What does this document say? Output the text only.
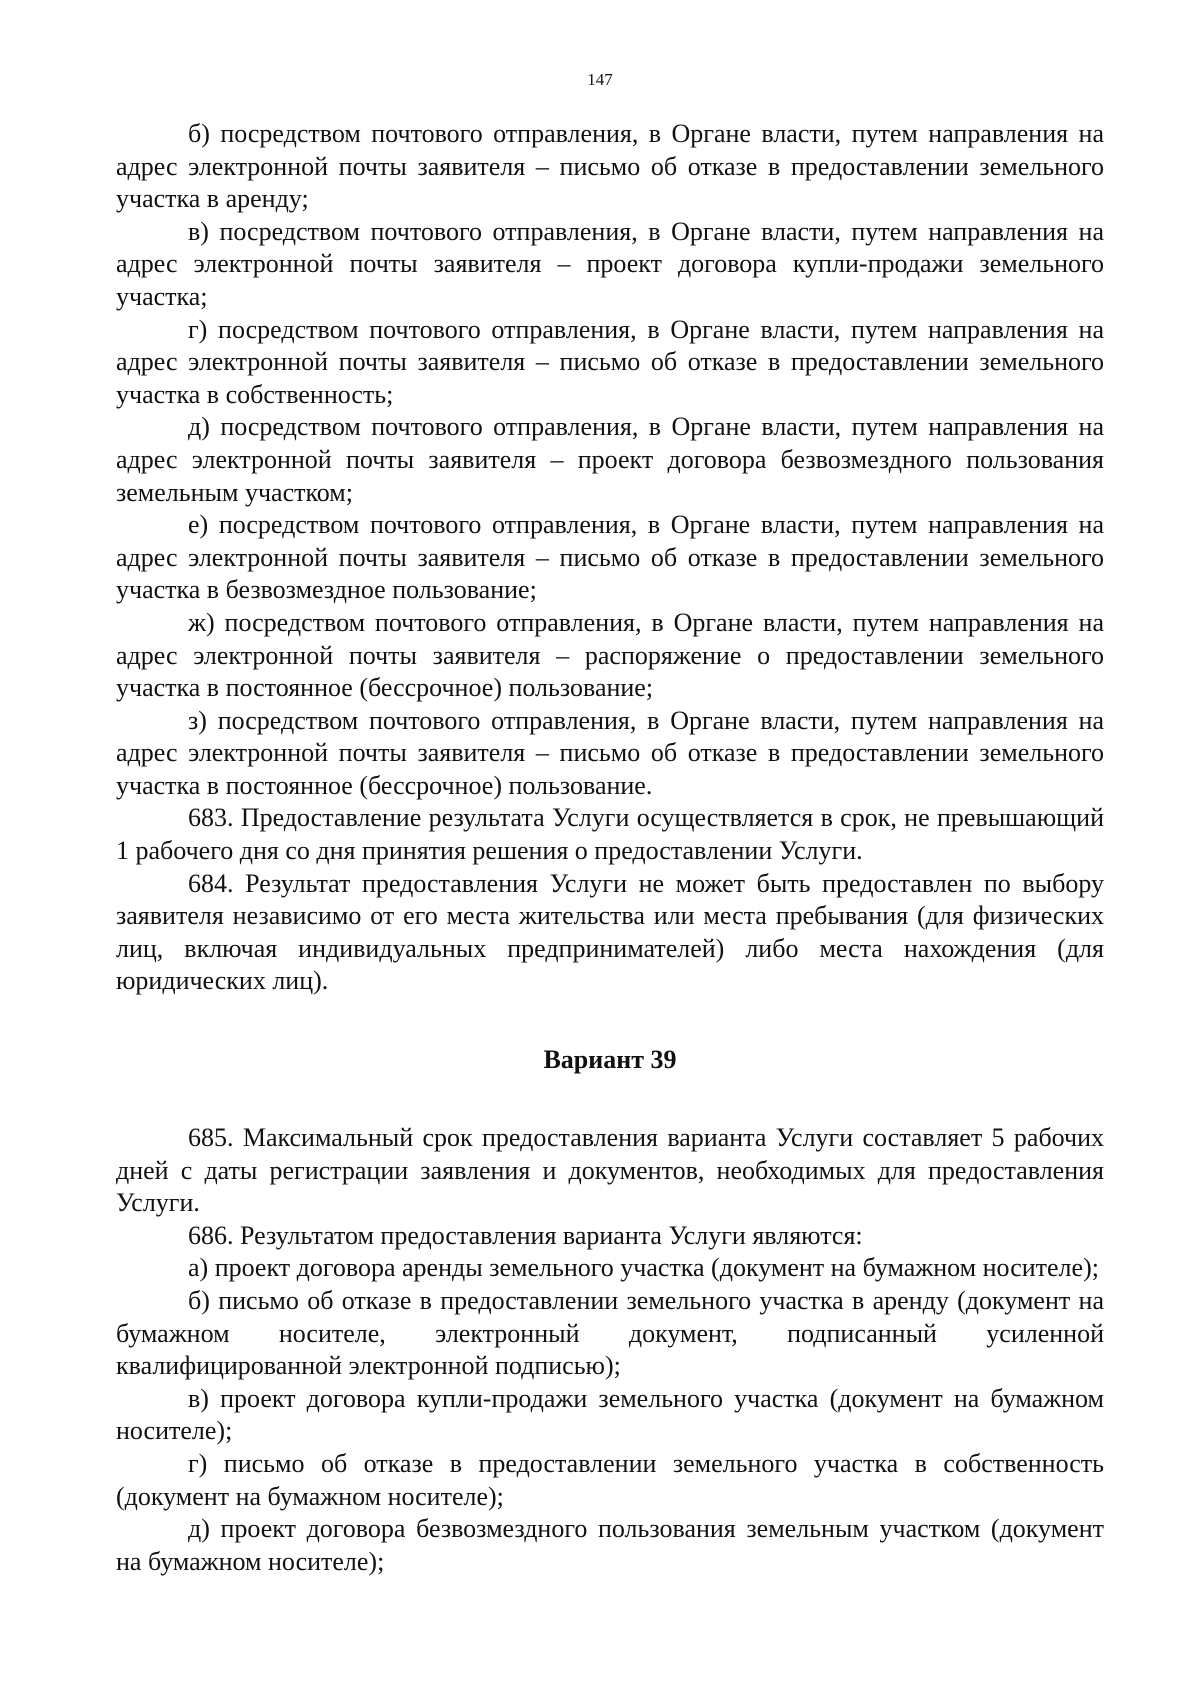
147

б) посредством почтового отправления, в Органе власти, путем направления на адрес электронной почты заявителя – письмо об отказе в предоставлении земельного участка в аренду;

в) посредством почтового отправления, в Органе власти, путем направления на адрес электронной почты заявителя – проект договора купли-продажи земельного участка;

г) посредством почтового отправления, в Органе власти, путем направления на адрес электронной почты заявителя – письмо об отказе в предоставлении земельного участка в собственность;

д) посредством почтового отправления, в Органе власти, путем направления на адрес электронной почты заявителя – проект договора безвозмездного пользования земельным участком;

е) посредством почтового отправления, в Органе власти, путем направления на адрес электронной почты заявителя – письмо об отказе в предоставлении земельного участка в безвозмездное пользование;

ж) посредством почтового отправления, в Органе власти, путем направления на адрес электронной почты заявителя – распоряжение о предоставлении земельного участка в постоянное (бессрочное) пользование;

з) посредством почтового отправления, в Органе власти, путем направления на адрес электронной почты заявителя – письмо об отказе в предоставлении земельного участка в постоянное (бессрочное) пользование.

683. Предоставление результата Услуги осуществляется в срок, не превышающий 1 рабочего дня со дня принятия решения о предоставлении Услуги.

684. Результат предоставления Услуги не может быть предоставлен по выбору заявителя независимо от его места жительства или места пребывания (для физических лиц, включая индивидуальных предпринимателей) либо места нахождения (для юридических лиц).

Вариант 39

685. Максимальный срок предоставления варианта Услуги составляет 5 рабочих дней с даты регистрации заявления и документов, необходимых для предоставления Услуги.

686. Результатом предоставления варианта Услуги являются:

а) проект договора аренды земельного участка (документ на бумажном носителе);

б) письмо об отказе в предоставлении земельного участка в аренду (документ на бумажном носителе, электронный документ, подписанный усиленной квалифицированной электронной подписью);

в) проект договора купли-продажи земельного участка (документ на бумажном носителе);

г) письмо об отказе в предоставлении земельного участка в собственность (документ на бумажном носителе);

д) проект договора безвозмездного пользования земельным участком (документ на бумажном носителе);
